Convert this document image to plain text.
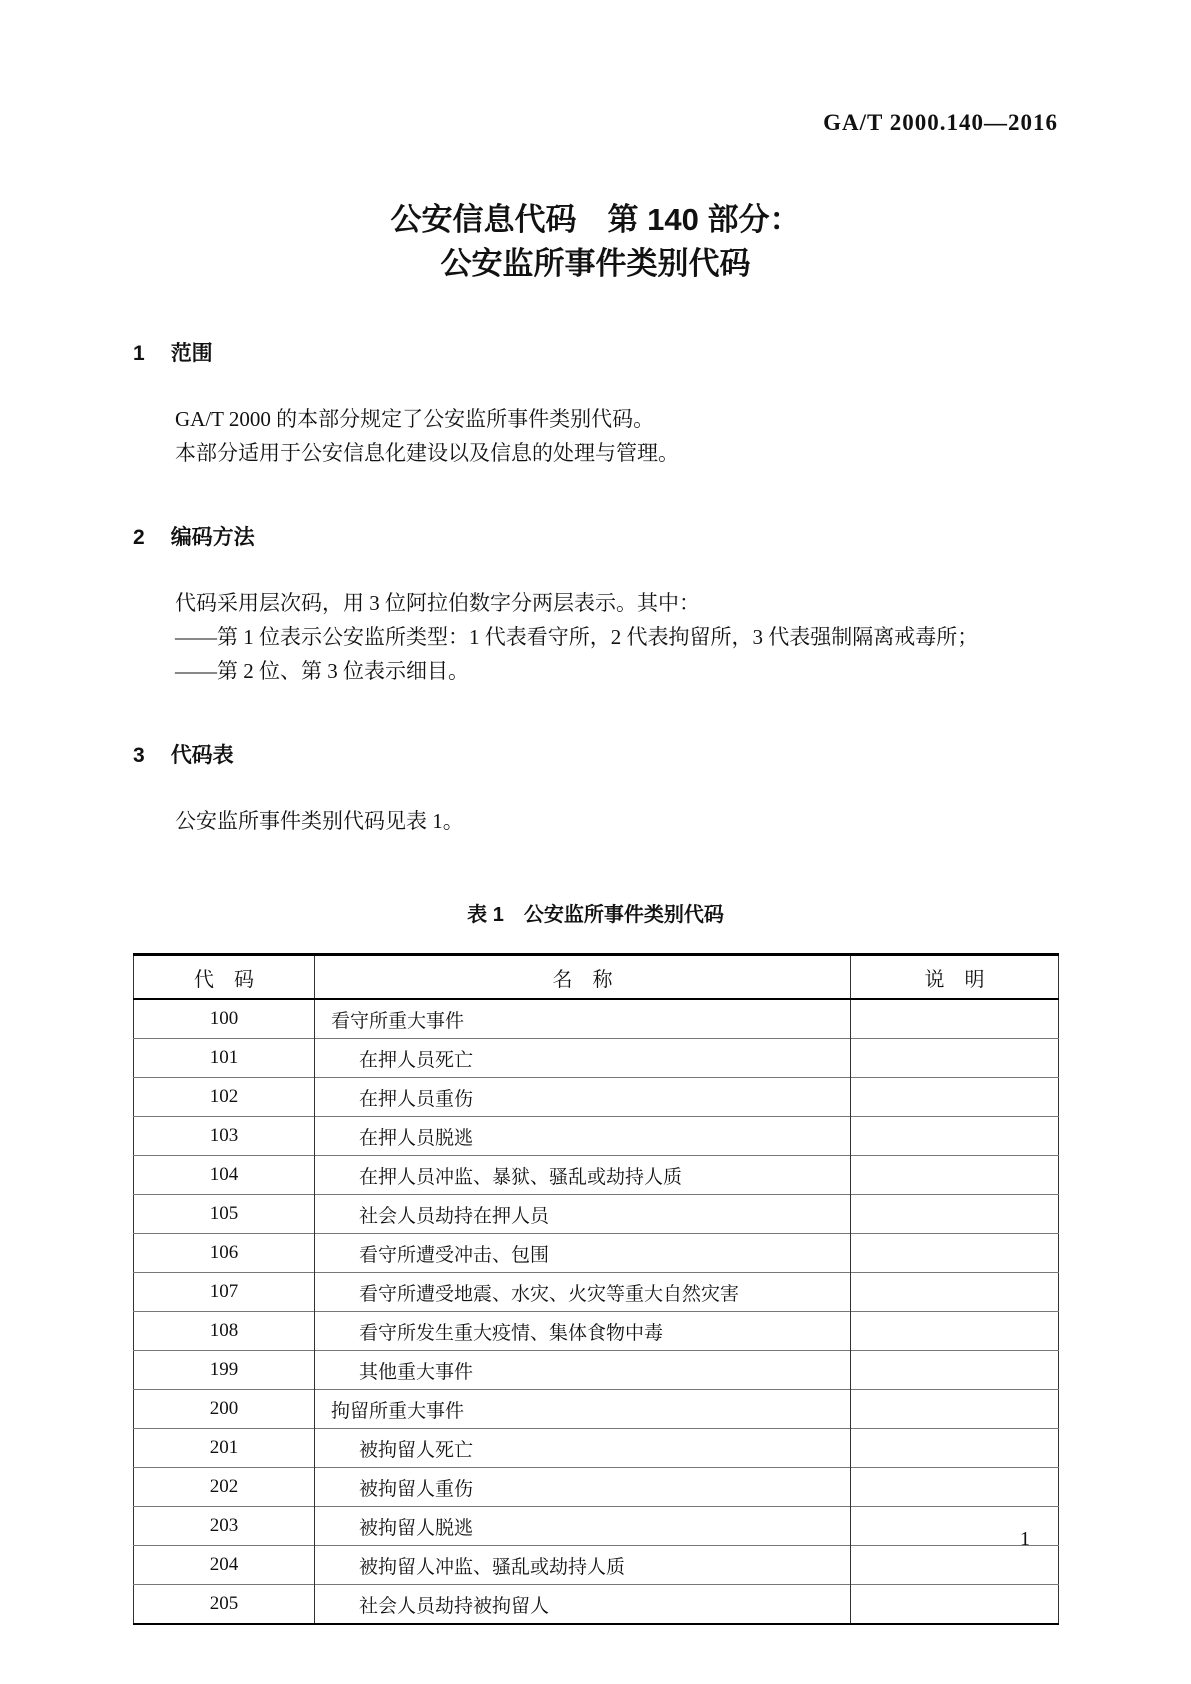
GA/T 2000.140—2016
公安信息代码　第 140 部分：
公安监所事件类别代码
1 范围
GA/T 2000 的本部分规定了公安监所事件类别代码。
本部分适用于公安信息化建设以及信息的处理与管理。
2 编码方法
代码采用层次码，用 3 位阿拉伯数字分两层表示。其中：
——第 1 位表示公安监所类型：1 代表看守所，2 代表拘留所，3 代表强制隔离戒毒所；
——第 2 位、第 3 位表示细目。
3 代码表
公安监所事件类别代码见表 1。
表 1　公安监所事件类别代码
代　码	名　称	说　明
100	看守所重大事件	
101	在押人员死亡	
102	在押人员重伤	
103	在押人员脱逃	
104	在押人员冲监、暴狱、骚乱或劫持人质	
105	社会人员劫持在押人员	
106	看守所遭受冲击、包围	
107	看守所遭受地震、水灾、火灾等重大自然灾害	
108	看守所发生重大疫情、集体食物中毒	
199	其他重大事件	
200	拘留所重大事件	
201	被拘留人死亡	
202	被拘留人重伤	
203	被拘留人脱逃	
204	被拘留人冲监、骚乱或劫持人质	
205	社会人员劫持被拘留人	
1
